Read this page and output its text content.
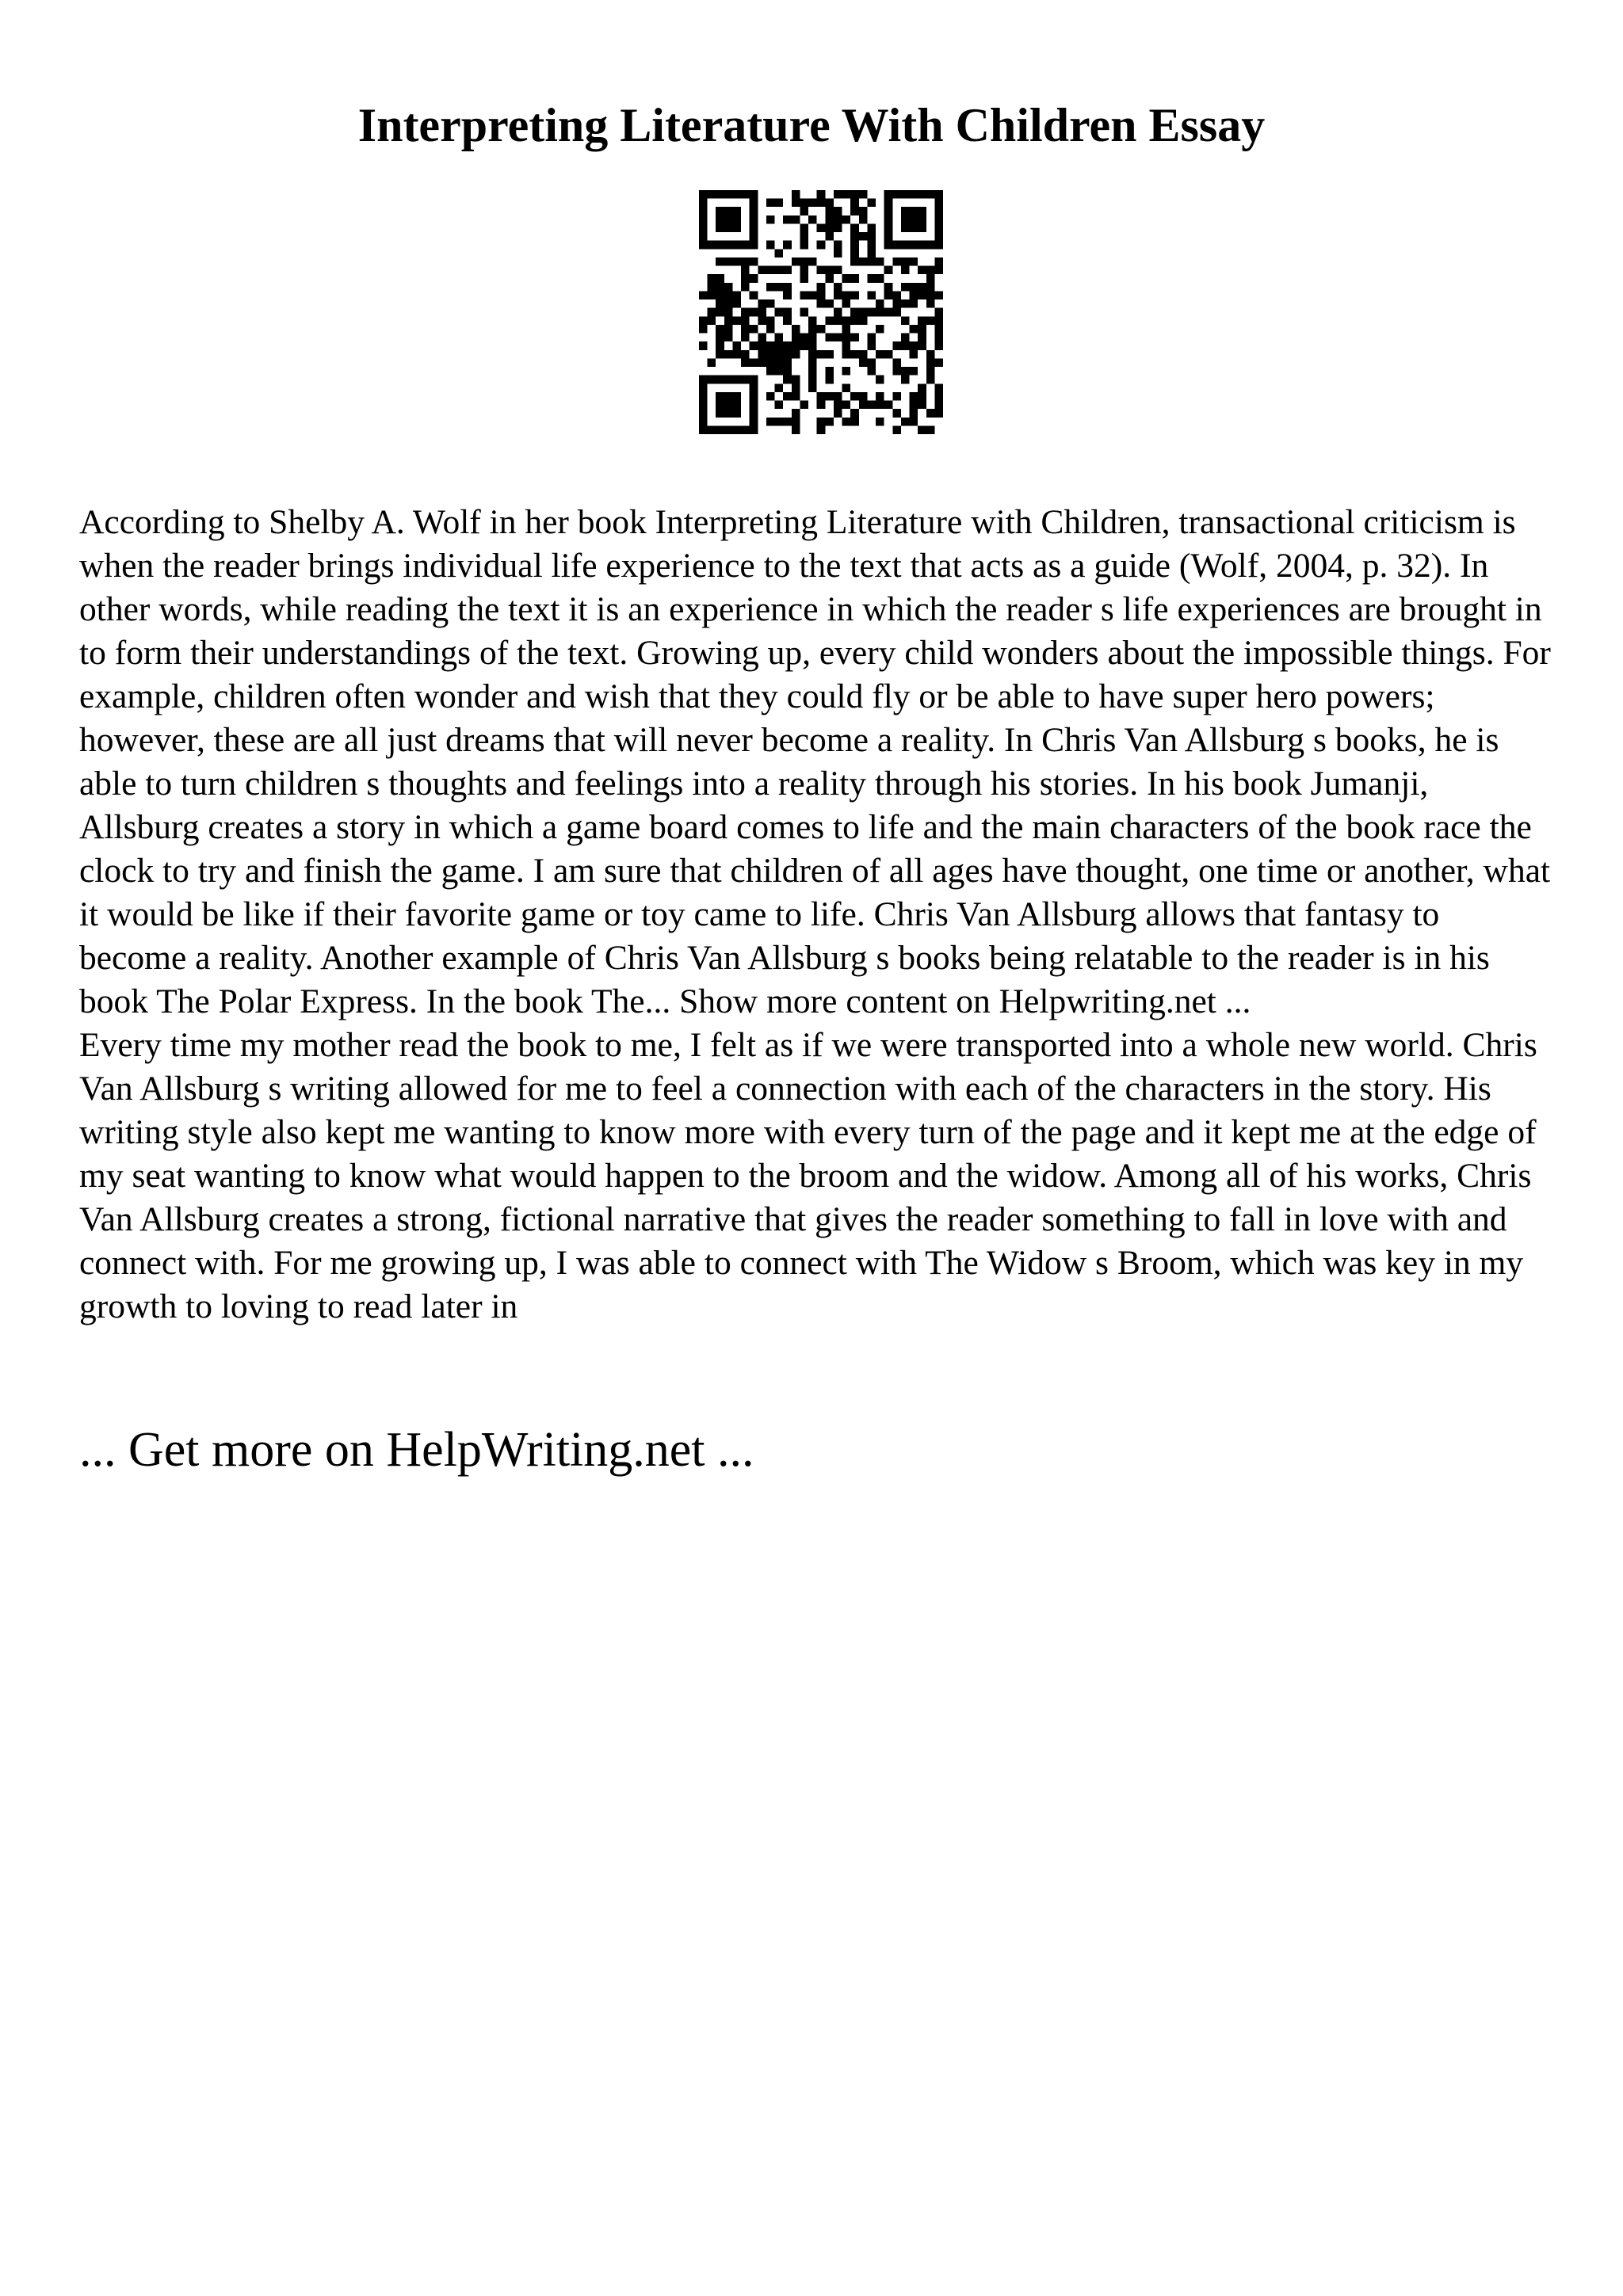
Interpreting Literature With Children Essay

According to Shelby A. Wolf in her book Interpreting Literature with Children, transactional criticism is when the reader brings individual life experience to the text that acts as a guide (Wolf, 2004, p. 32). In other words, while reading the text it is an experience in which the reader s life experiences are brought in to form their understandings of the text. Growing up, every child wonders about the impossible things. For example, children often wonder and wish that they could fly or be able to have super hero powers; however, these are all just dreams that will never become a reality. In Chris Van Allsburg s books, he is able to turn children s thoughts and feelings into a reality through his stories. In his book Jumanji, Allsburg creates a story in which a game board comes to life and the main characters of the book race the clock to try and finish the game. I am sure that children of all ages have thought, one time or another, what it would be like if their favorite game or toy came to life. Chris Van Allsburg allows that fantasy to become a reality. Another example of Chris Van Allsburg s books being relatable to the reader is in his book The Polar Express. In the book The... Show more content on Helpwriting.net ...

Every time my mother read the book to me, I felt as if we were transported into a whole new world. Chris Van Allsburg s writing allowed for me to feel a connection with each of the characters in the story. His writing style also kept me wanting to know more with every turn of the page and it kept me at the edge of my seat wanting to know what would happen to the broom and the widow. Among all of his works, Chris Van Allsburg creates a strong, fictional narrative that gives the reader something to fall in love with and connect with. For me growing up, I was able to connect with The Widow s Broom, which was key in my growth to loving to read later in

... Get more on HelpWriting.net ...
